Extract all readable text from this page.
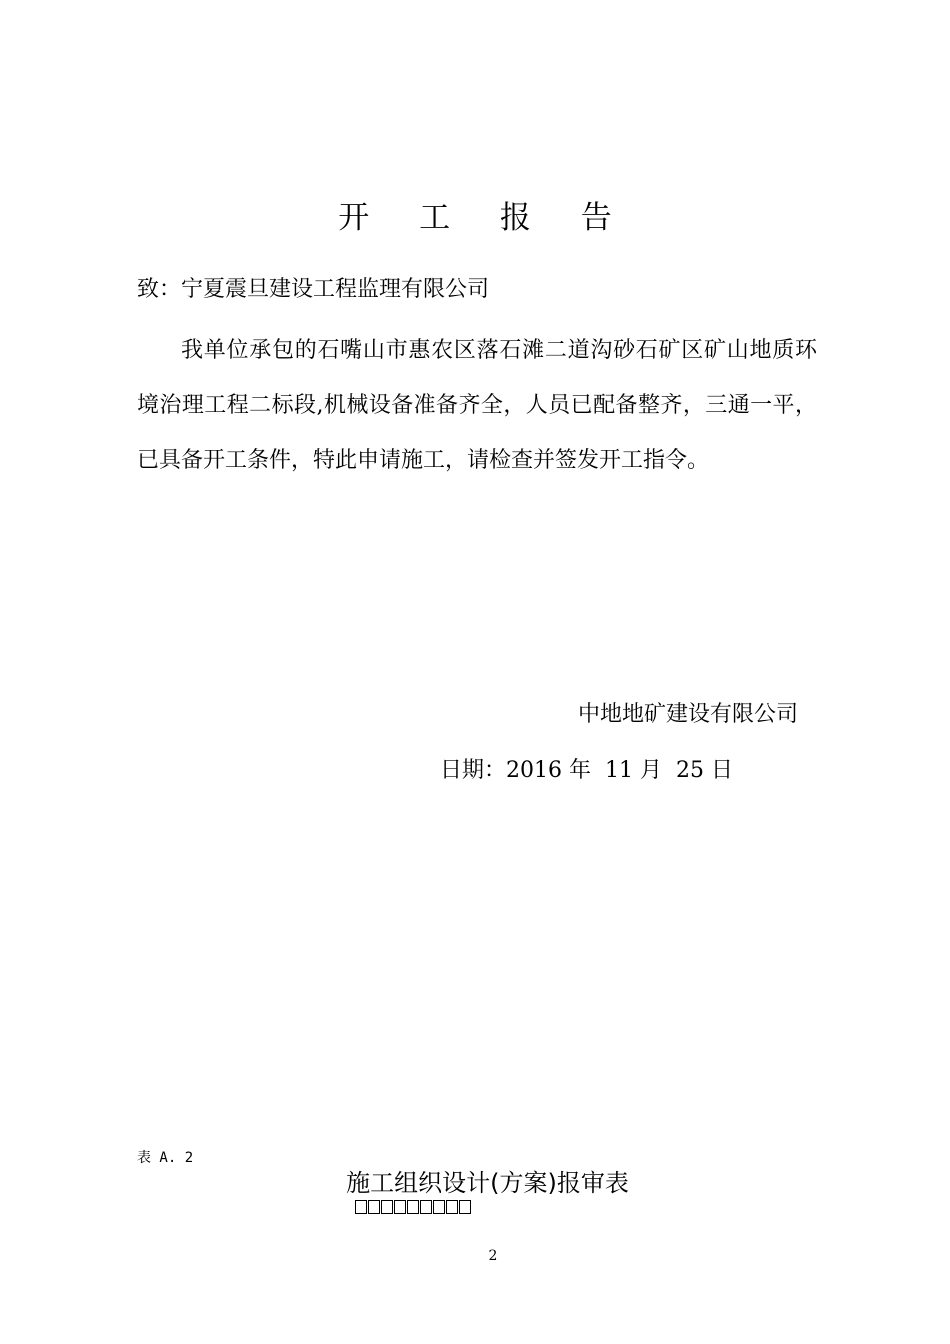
开 工 报 告
致：宁夏震旦建设工程监理有限公司

我单位承包的石嘴山市惠农区落石滩二道沟砂石矿区矿山地质环境治理工程二标段,机械设备准备齐全，人员已配备整齐，三通一平，已具备开工条件，特此申请施工，请检查并签发开工指令。

中地地矿建设有限公司
日期：2016 年 11 月 25 日
表 A. 2
施工组织设计(方案)报审表
2
